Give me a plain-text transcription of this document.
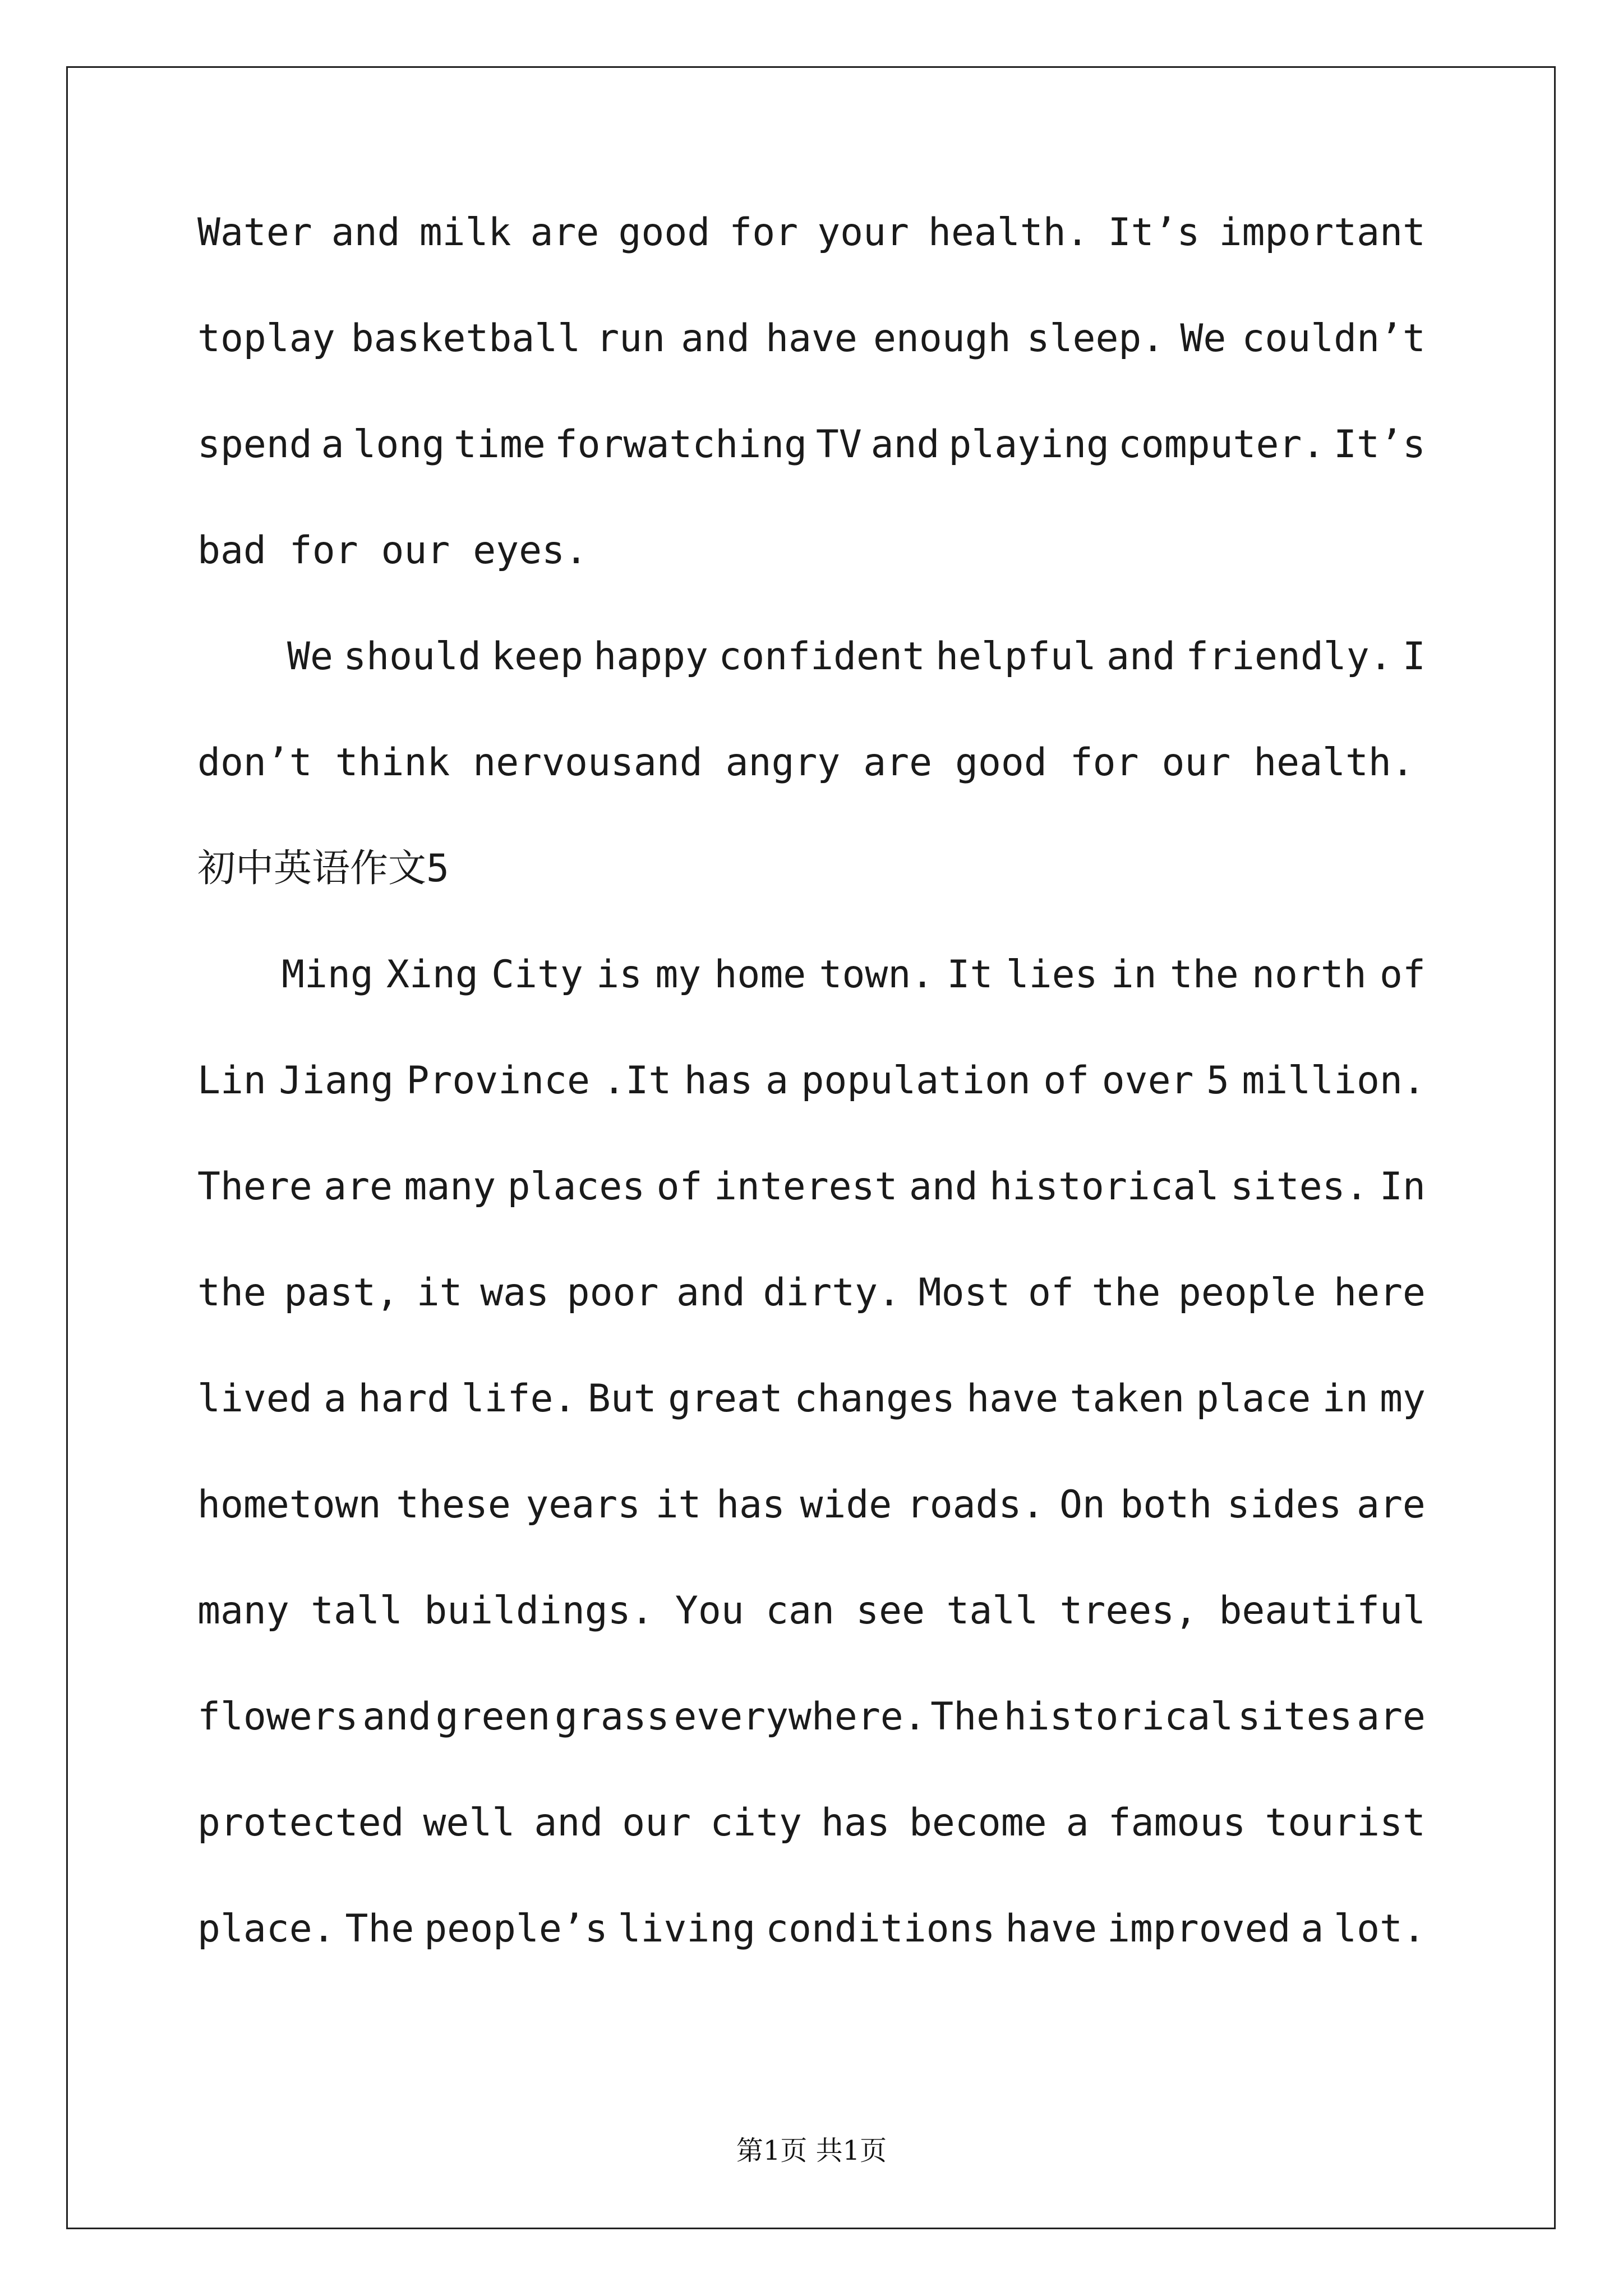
Water and milk are good for your health. It’s important
toplay basketball run and have enough sleep. We couldn’t
spend a long time forwatching TV and playing computer. It’s
bad for our eyes.
We should keep happy confident helpful and friendly. I
don’t think nervousand angry are good for our health.
初中英语作文5
Ming Xing City is my home town. It lies in the north of
Lin Jiang Province .It has a population of over 5 million.
There are many places of interest and historical sites. In
the past, it was poor and dirty. Most of the people here
lived a hard life. But great changes have taken place in my
hometown these years it has wide roads. On both sides are
many tall buildings. You can see tall trees, beautiful
flowers and green grass everywhere. The historical sites are
protected well and our city has become a famous tourist
place. The people’s living conditions have improved a lot.
第1页 共1页
